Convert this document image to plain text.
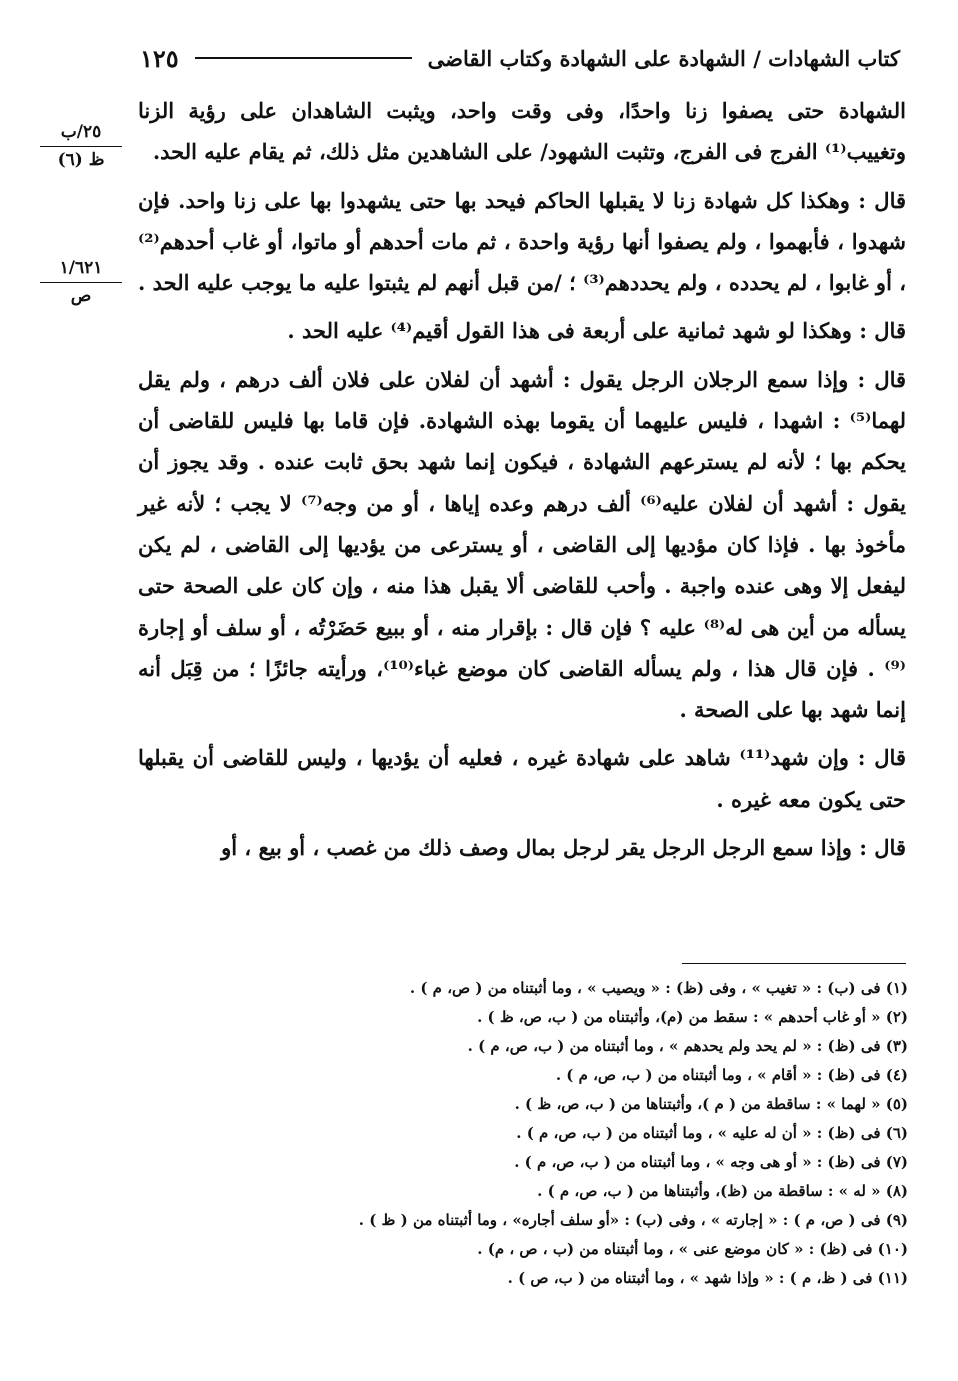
كتاب الشهادات / الشهادة على الشهادة وكتاب القاضى
١٢٥
٢٥/ب
ظ (٦)
١/٦٢١
ص

الشهادة حتى يصفوا زنا واحدًا، وفى وقت واحد، ويثبت الشاهدان على رؤية الزنا وتغييب⁽¹⁾ الفرج فى الفرج، وتثبت الشهود/ على الشاهدين مثل ذلك، ثم يقام عليه الحد.

قال : وهكذا كل شهادة زنا لا يقبلها الحاكم فيحد بها حتى يشهدوا بها على زنا واحد. فإن شهدوا ، فأبهموا ، ولم يصفوا أنها رؤية واحدة ، ثم مات أحدهم أو ماتوا، أو غاب أحدهم⁽²⁾ ، أو غابوا ، لم يحدده ، ولم يحددهم⁽³⁾ ؛ /من قبل أنهم لم يثبتوا عليه ما يوجب عليه الحد .

قال : وهكذا لو شهد ثمانية على أربعة فى هذا القول أقيم⁽⁴⁾ عليه الحد .

قال : وإذا سمع الرجلان الرجل يقول : أشهد أن لفلان على فلان ألف درهم ، ولم يقل لهما⁽⁵⁾ : اشهدا ، فليس عليهما أن يقوما بهذه الشهادة. فإن قاما بها فليس للقاضى أن يحكم بها ؛ لأنه لم يسترعهم الشهادة ، فيكون إنما شهد بحق ثابت عنده . وقد يجوز أن يقول : أشهد أن لفلان عليه⁽⁶⁾ ألف درهم وعده إياها ، أو من وجه⁽⁷⁾ لا يجب ؛ لأنه غير مأخوذ بها . فإذا كان مؤديها إلى القاضى ، أو يسترعى من يؤديها إلى القاضى ، لم يكن ليفعل إلا وهى عنده واجبة . وأحب للقاضى ألا يقبل هذا منه ، وإن كان على الصحة حتى يسأله من أين هى له⁽⁸⁾ عليه ؟ فإن قال : بإقرار منه ، أو ببيع حَضَرْتُه ، أو سلف أو إجارة ⁽⁹⁾ . فإن قال هذا ، ولم يسأله القاضى كان موضع غباء⁽¹⁰⁾، ورأيته جائزًا ؛ من قِبَل أنه إنما شهد بها على الصحة .

قال : وإن شهد⁽¹¹⁾ شاهد على شهادة غيره ، فعليه أن يؤديها ، وليس للقاضى أن يقبلها حتى يكون معه غيره .

قال : وإذا سمع الرجل الرجل يقر لرجل بمال وصف ذلك من غصب ، أو بيع ، أو

(١) فى (ب) : « تغيب » ، وفى (ظ) : « ويصيب » ، وما أثبتناه من ( ص، م ) .
(٢) « أو غاب أحدهم » : سقط من (م)، وأثبتناه من ( ب، ص، ظ ) .
(٣) فى (ظ) : « لم يحد ولم يحدهم » ، وما أثبتناه من ( ب، ص، م ) .
(٤) فى (ظ) : « أقام » ، وما أثبتناه من ( ب، ص، م ) .
(٥) « لهما » : ساقطة من ( م )، وأثبتناها من ( ب، ص، ظ ) .
(٦) فى (ظ) : « أن له عليه » ، وما أثبتناه من ( ب، ص، م ) .
(٧) فى (ظ) : « أو هى وجه » ، وما أثبتناه من ( ب، ص، م ) .
(٨) « له » : ساقطة من (ظ)، وأثبتناها من ( ب، ص، م ) .
(٩) فى ( ص، م ) : « إجارته » ، وفى (ب) : «أو سلف أجاره» ، وما أثبتناه من ( ظ ) .
(١٠) فى (ظ) : « كان موضع عنى » ، وما أثبتناه من (ب ، ص ، م) .
(١١) فى ( ظ، م ) : « وإذا شهد » ، وما أثبتناه من ( ب، ص ) .
